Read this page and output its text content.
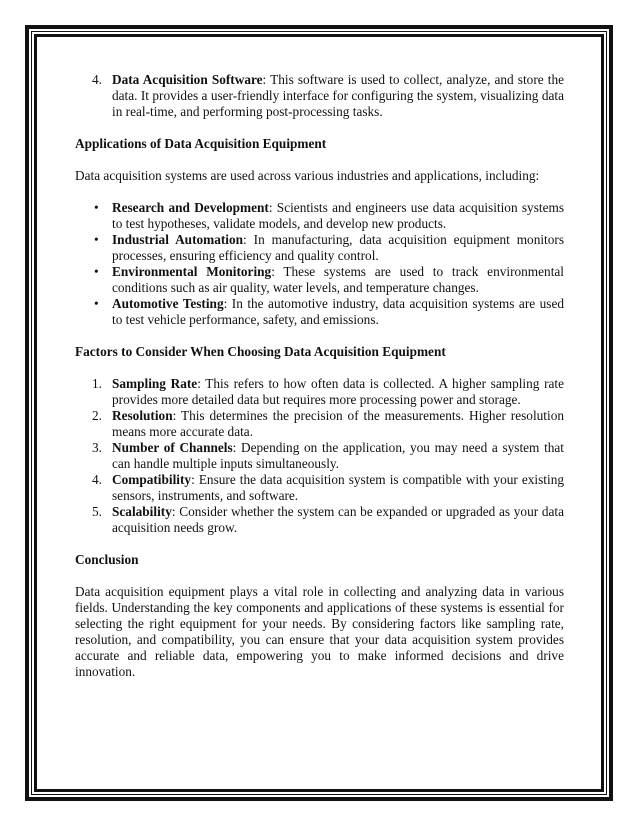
4. Data Acquisition Software: This software is used to collect, analyze, and store the data. It provides a user-friendly interface for configuring the system, visualizing data in real-time, and performing post-processing tasks.

Applications of Data Acquisition Equipment

Data acquisition systems are used across various industries and applications, including:

• Research and Development: Scientists and engineers use data acquisition systems to test hypotheses, validate models, and develop new products.
• Industrial Automation: In manufacturing, data acquisition equipment monitors processes, ensuring efficiency and quality control.
• Environmental Monitoring: These systems are used to track environmental conditions such as air quality, water levels, and temperature changes.
• Automotive Testing: In the automotive industry, data acquisition systems are used to test vehicle performance, safety, and emissions.

Factors to Consider When Choosing Data Acquisition Equipment

1. Sampling Rate: This refers to how often data is collected. A higher sampling rate provides more detailed data but requires more processing power and storage.
2. Resolution: This determines the precision of the measurements. Higher resolution means more accurate data.
3. Number of Channels: Depending on the application, you may need a system that can handle multiple inputs simultaneously.
4. Compatibility: Ensure the data acquisition system is compatible with your existing sensors, instruments, and software.
5. Scalability: Consider whether the system can be expanded or upgraded as your data acquisition needs grow.

Conclusion

Data acquisition equipment plays a vital role in collecting and analyzing data in various fields. Understanding the key components and applications of these systems is essential for selecting the right equipment for your needs. By considering factors like sampling rate, resolution, and compatibility, you can ensure that your data acquisition system provides accurate and reliable data, empowering you to make informed decisions and drive innovation.
